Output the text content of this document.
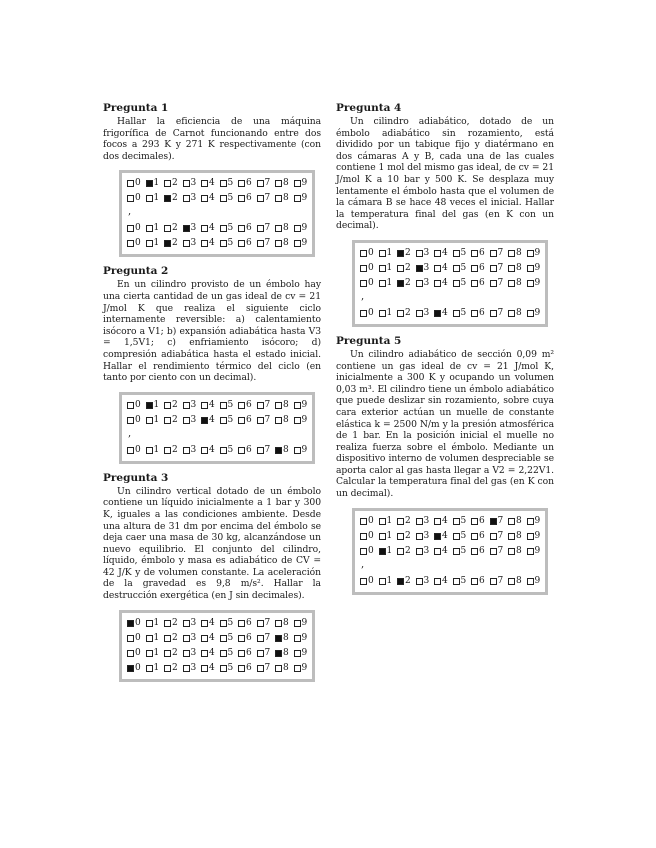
Pregunta 1

Hallar la eficiencia de una máquina frigorífica de Carnot funcionando entre dos focos a 293 K y 271 K respectivamente (con dos decimales).

0 1 2 3 4 5 6 7 8 9
0 1 2 3 4 5 6 7 8 9
,
0 1 2 3 4 5 6 7 8 9
0 1 2 3 4 5 6 7 8 9
Pregunta 2

En un cilindro provisto de un émbolo hay una cierta cantidad de un gas ideal de cv = 21 J/mol K que realiza el siguiente ciclo internamente reversible: a) calentamiento isócoro a V1; b) expansión adiabática hasta V3 = 1,5V1; c) enfriamiento isócoro; d) compresión adiabática hasta el estado inicial. Hallar el rendimiento térmico del ciclo (en tanto por ciento con un decimal).

0 1 2 3 4 5 6 7 8 9
0 1 2 3 4 5 6 7 8 9
,
0 1 2 3 4 5 6 7 8 9
Pregunta 3

Un cilindro vertical dotado de un émbolo contiene un líquido inicialmente a 1 bar y 300 K, iguales a las condiciones ambiente. Desde una altura de 31 dm por encima del émbolo se deja caer una masa de 30 kg, alcanzándose un nuevo equilibrio. El conjunto del cilindro, líquido, émbolo y masa es adiabático de CV = 42 J/K y de volumen constante. La aceleración de la gravedad es 9,8 m/s². Hallar la destrucción exergética (en J sin decimales).

0 1 2 3 4 5 6 7 8 9
0 1 2 3 4 5 6 7 8 9
0 1 2 3 4 5 6 7 8 9
0 1 2 3 4 5 6 7 8 9
Pregunta 4

Un cilindro adiabático, dotado de un émbolo adiabático sin rozamiento, está dividido por un tabique fijo y diatérmano en dos cámaras A y B, cada una de las cuales contiene 1 mol del mismo gas ideal, de cv = 21 J/mol K a 10 bar y 500 K. Se desplaza muy lentamente el émbolo hasta que el volumen de la cámara B se hace 48 veces el inicial. Hallar la temperatura final del gas (en K con un decimal).

0 1 2 3 4 5 6 7 8 9
0 1 2 3 4 5 6 7 8 9
0 1 2 3 4 5 6 7 8 9
,
0 1 2 3 4 5 6 7 8 9
Pregunta 5

Un cilindro adiabático de sección 0,09 m² contiene un gas ideal de cv = 21 J/mol K, inicialmente a 300 K y ocupando un volumen 0,03 m³. El cilindro tiene un émbolo adiabático que puede deslizar sin rozamiento, sobre cuya cara exterior actúan un muelle de constante elástica k = 2500 N/m y la presión atmosférica de 1 bar. En la posición inicial el muelle no realiza fuerza sobre el émbolo. Mediante un dispositivo interno de volumen despreciable se aporta calor al gas hasta llegar a V2 = 2,22V1. Calcular la temperatura final del gas (en K con un decimal).

0 1 2 3 4 5 6 7 8 9
0 1 2 3 4 5 6 7 8 9
0 1 2 3 4 5 6 7 8 9
,
0 1 2 3 4 5 6 7 8 9
